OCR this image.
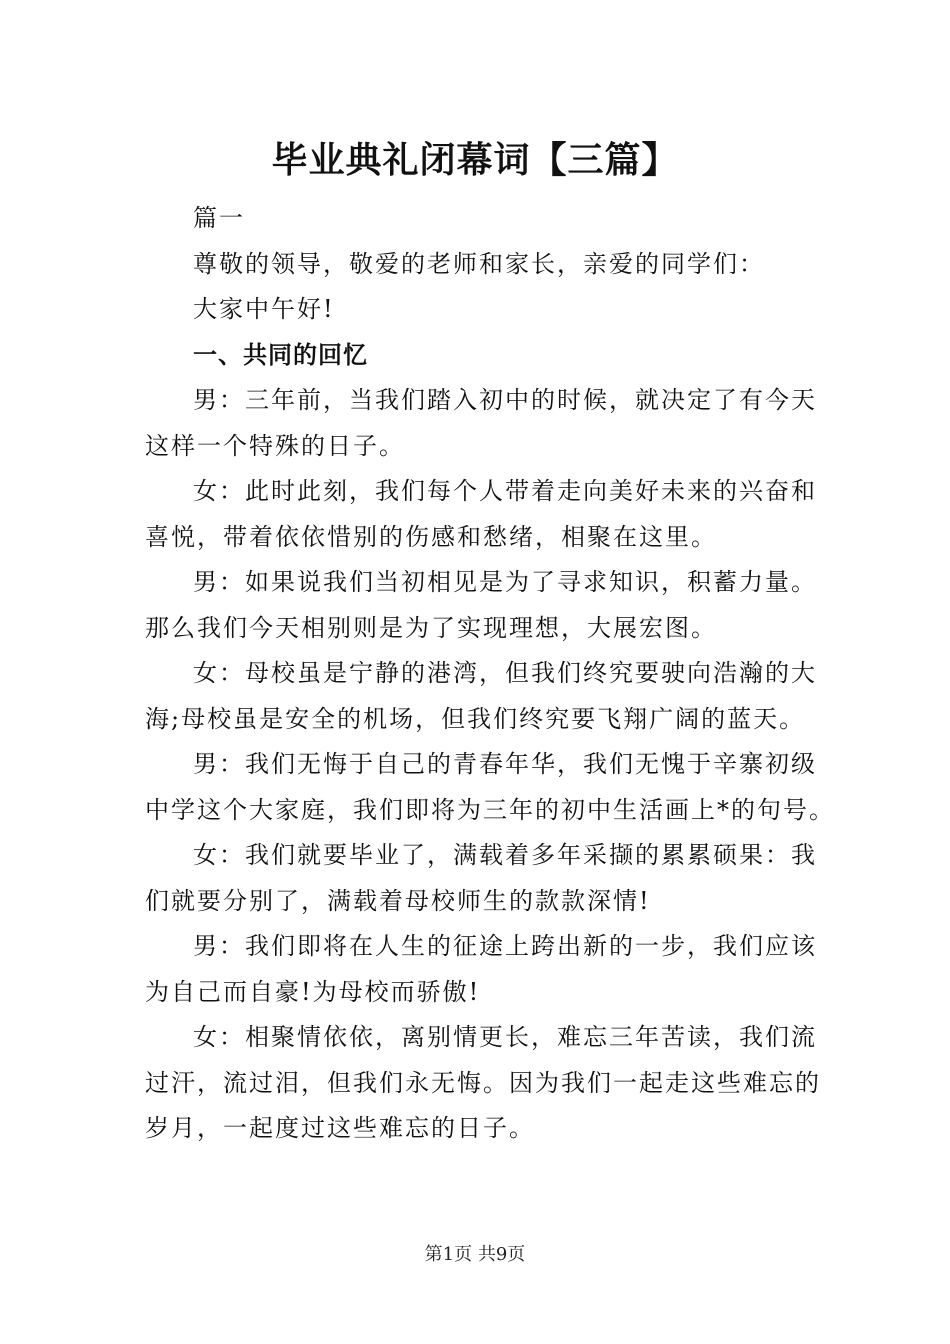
毕业典礼闭幕词【三篇】

篇一

尊敬的领导，敬爱的老师和家长，亲爱的同学们：

大家中午好!

一、共同的回忆

男：三年前，当我们踏入初中的时候，就决定了有今天这样一个特殊的日子。

女：此时此刻，我们每个人带着走向美好未来的兴奋和喜悦，带着依依惜别的伤感和愁绪，相聚在这里。

男：如果说我们当初相见是为了寻求知识，积蓄力量。那么我们今天相别则是为了实现理想，大展宏图。

女：母校虽是宁静的港湾，但我们终究要驶向浩瀚的大海;母校虽是安全的机场，但我们终究要飞翔广阔的蓝天。

男：我们无悔于自己的青春年华，我们无愧于辛寨初级中学这个大家庭，我们即将为三年的初中生活画上*的句号。

女：我们就要毕业了，满载着多年采撷的累累硕果：我们就要分别了，满载着母校师生的款款深情!

男：我们即将在人生的征途上跨出新的一步，我们应该为自己而自豪!为母校而骄傲!

女：相聚情依依，离别情更长，难忘三年苦读，我们流过汗，流过泪，但我们永无悔。因为我们一起走这些难忘的岁月，一起度过这些难忘的日子。

第1页 共9页
